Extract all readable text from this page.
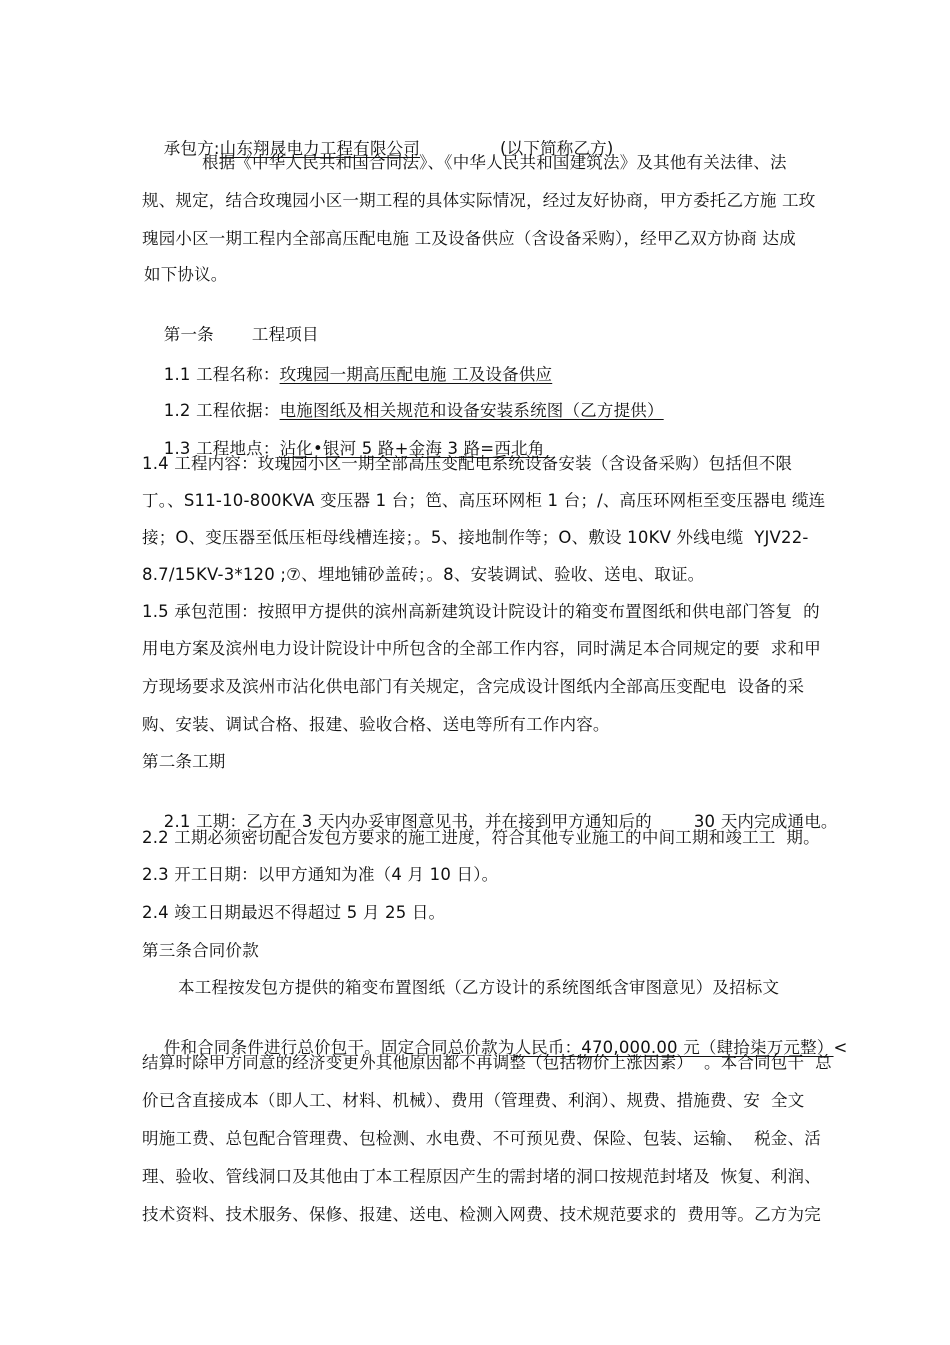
承包方:山东翔晟电力工程有限公司	(以下简称乙方)

根据《中华人民共和国合同法》、《中华人民共和国建筑法》及其他有关法律、法
规、规定，结合玫瑰园小区一期工程的具体实际情况，经过友好协商，甲方委托乙方施 工玫
瑰园小区一期工程内全部高压配电施 工及设备供应（含设备采购），经甲乙双方协商 达成
如下协议。

第一条 工程项目

1.1 工程名称：玫瑰园一期高压配电施 工及设备供应

1.2 工程依据：电施图纸及相关规范和设备安装系统图（乙方提供）

1.3 工程地点：沾化•银河 5 路+金海 3 路=西北角

1.4 工程内容：玫瑰园小区一期全部高压变配电系统设备安装（含设备采购）包括但不限
丁。、S11-10-800KVA 变压器 1 台；笆、高压环网柜 1 台；/、高压环网柜至变压器电 缆连
接；O、变压器至低压柜母线槽连接；。5、接地制作等；O、敷设 10KV 外线电缆  YJV22-
8.7/15KV-3*120 ;⑦、埋地铺砂盖砖；。8、安装调试、验收、送电、取证。
1.5 承包范围：按照甲方提供的滨州高新建筑设计院设计的箱变布置图纸和供电部门答复  的
用电方案及滨州电力设计院设计中所包含的全部工作内容，同时满足本合同规定的要  求和甲
方现场要求及滨州市沾化供电部门有关规定，含完成设计图纸内全部高压变配电  设备的采
购、安装、调试合格、报建、验收合格、送电等所有工作内容。
第二条工期

2.1 工期：乙方在 3 天内办妥审图意见书，并在接到甲方通知后的	30 天内完成通电。

2.2 工期必须密切配合发包方要求的施工进度，符合其他专业施工的中间工期和竣工工  期。
2.3 开工日期：以甲方通知为准（4 月 10 日）。
2.4 竣工日期最迟不得超过 5 月 25 日。
第三条合同价款
本工程按发包方提供的箱变布置图纸（乙方设计的系统图纸含审图意见）及招标文

件和合同条件进行总价包干。固定合同总价款为人民币：470,000.00 元（肆拾柒万元整）<

结算时除甲方同意的经济变更外其他原因都不再调整（包括物价上涨因素）  。本合同包干  总
价已含直接成本（即人工、材料、机械）、费用（管理费、利润）、规费、措施费、安  全文
明施工费、总包配合管理费、包检测、水电费、不可预见费、保险、包装、运输、  税金、活
理、验收、管线洞口及其他由丁本工程原因产生的需封堵的洞口按规范封堵及  恢复、利润、
技术资料、技术服务、保修、报建、送电、检测入网费、技术规范要求的  费用等。乙方为完
